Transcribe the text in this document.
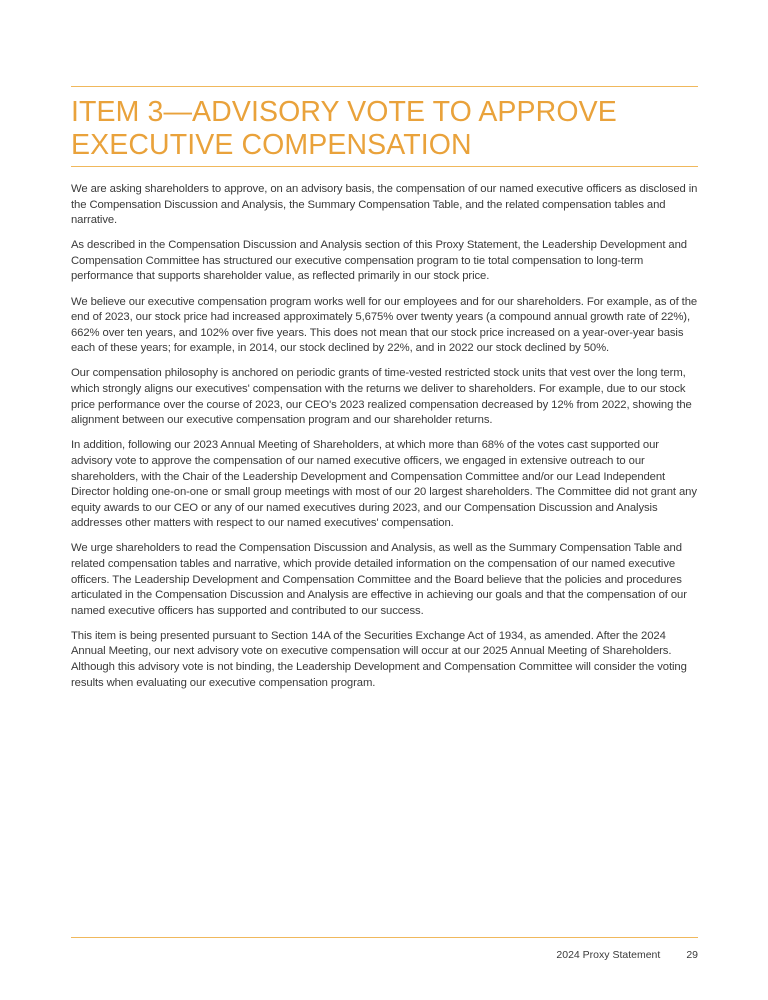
ITEM 3—ADVISORY VOTE TO APPROVE
EXECUTIVE COMPENSATION

We are asking shareholders to approve, on an advisory basis, the compensation of our named executive officers as disclosed in the Compensation Discussion and Analysis, the Summary Compensation Table, and the related compensation tables and narrative.

As described in the Compensation Discussion and Analysis section of this Proxy Statement, the Leadership Development and Compensation Committee has structured our executive compensation program to tie total compensation to long-term performance that supports shareholder value, as reflected primarily in our stock price.

We believe our executive compensation program works well for our employees and for our shareholders. For example, as of the end of 2023, our stock price had increased approximately 5,675% over twenty years (a compound annual growth rate of 22%), 662% over ten years, and 102% over five years. This does not mean that our stock price increased on a year-over-year basis each of these years; for example, in 2014, our stock declined by 22%, and in 2022 our stock declined by 50%.

Our compensation philosophy is anchored on periodic grants of time-vested restricted stock units that vest over the long term, which strongly aligns our executives' compensation with the returns we deliver to shareholders. For example, due to our stock price performance over the course of 2023, our CEO's 2023 realized compensation decreased by 12% from 2022, showing the alignment between our executive compensation program and our shareholder returns.

In addition, following our 2023 Annual Meeting of Shareholders, at which more than 68% of the votes cast supported our advisory vote to approve the compensation of our named executive officers, we engaged in extensive outreach to our shareholders, with the Chair of the Leadership Development and Compensation Committee and/or our Lead Independent Director holding one-on-one or small group meetings with most of our 20 largest shareholders. The Committee did not grant any equity awards to our CEO or any of our named executives during 2023, and our Compensation Discussion and Analysis addresses other matters with respect to our named executives' compensation.

We urge shareholders to read the Compensation Discussion and Analysis, as well as the Summary Compensation Table and related compensation tables and narrative, which provide detailed information on the compensation of our named executive officers. The Leadership Development and Compensation Committee and the Board believe that the policies and procedures articulated in the Compensation Discussion and Analysis are effective in achieving our goals and that the compensation of our named executive officers has supported and contributed to our success.

This item is being presented pursuant to Section 14A of the Securities Exchange Act of 1934, as amended. After the 2024 Annual Meeting, our next advisory vote on executive compensation will occur at our 2025 Annual Meeting of Shareholders. Although this advisory vote is not binding, the Leadership Development and Compensation Committee will consider the voting results when evaluating our executive compensation program.

2024 Proxy Statement 29
